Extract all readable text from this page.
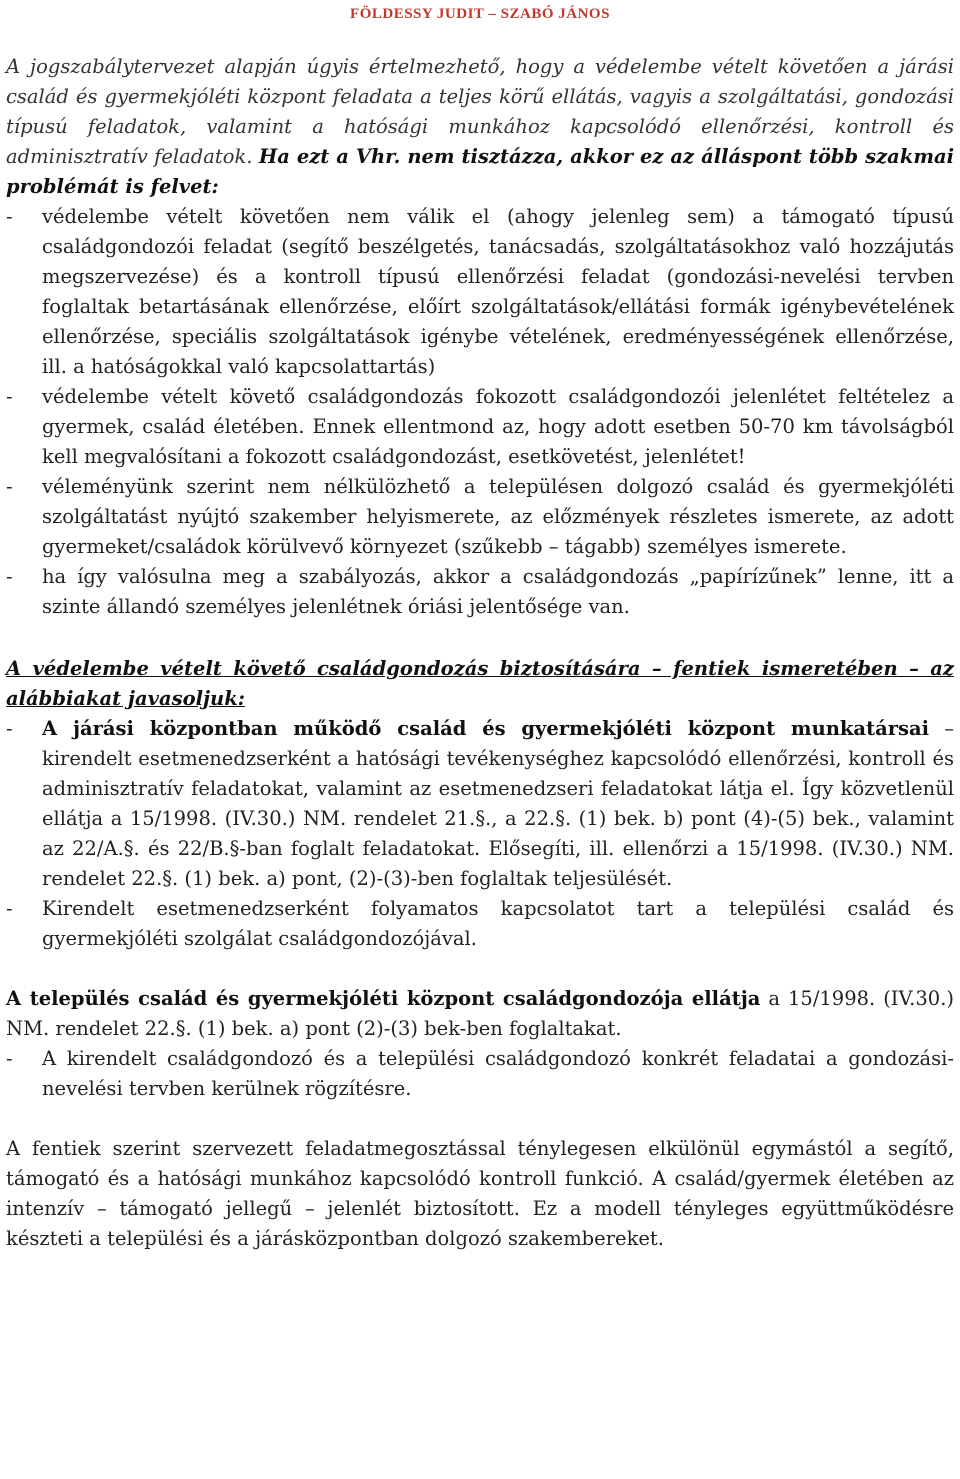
FÖLDESSY JUDIT – SZABÓ JÁNOS

A jogszabálytervezet alapján úgyis értelmezhető, hogy a védelembe vételt követően a járási család és gyermekjóléti központ feladata a teljes körű ellátás, vagyis a szolgáltatási, gondozási típusú feladatok, valamint a hatósági munkához kapcsolódó ellenőrzési, kontroll és adminisztratív feladatok. Ha ezt a Vhr. nem tisztázza, akkor ez az álláspont több szakmai problémát is felvet:

- védelembe vételt követően nem válik el (ahogy jelenleg sem) a támogató típusú családgondozói feladat (segítő beszélgetés, tanácsadás, szolgáltatásokhoz való hozzájutás megszervezése) és a kontroll típusú ellenőrzési feladat (gondozási-nevelési tervben foglaltak betartásának ellenőrzése, előírt szolgáltatások/ellátási formák igénybevételének ellenőrzése, speciális szolgáltatások igénybe vételének, eredményességének ellenőrzése, ill. a hatóságokkal való kapcsolattartás)
- védelembe vételt követő családgondozás fokozott családgondozói jelenlétet feltételez a gyermek, család életében. Ennek ellentmond az, hogy adott esetben 50-70 km távolságból kell megvalósítani a fokozott családgondozást, esetkövetést, jelenlétet!
- véleményünk szerint nem nélkülözhető a településen dolgozó család és gyermekjóléti szolgáltatást nyújtó szakember helyismerete, az előzmények részletes ismerete, az adott gyermeket/családok körülvevő környezet (szűkebb – tágabb) személyes ismerete.
- ha így valósulna meg a szabályozás, akkor a családgondozás „papírízűnek” lenne, itt a szinte állandó személyes jelenlétnek óriási jelentősége van.

A védelembe vételt követő családgondozás biztosítására – fentiek ismeretében – az alábbiakat javasoljuk:

- A járási központban működő család és gyermekjóléti központ munkatársai – kirendelt esetmenedzserként a hatósági tevékenységhez kapcsolódó ellenőrzési, kontroll és adminisztratív feladatokat, valamint az esetmenedzseri feladatokat látja el. Így közvetlenül ellátja a 15/1998. (IV.30.) NM. rendelet 21.§., a 22.§. (1) bek. b) pont (4)-(5) bek., valamint az 22/A.§. és 22/B.§-ban foglalt feladatokat. Elősegíti, ill. ellenőrzi a 15/1998. (IV.30.) NM. rendelet 22.§. (1) bek. a) pont, (2)-(3)-ben foglaltak teljesülését.
- Kirendelt esetmenedzserként folyamatos kapcsolatot tart a települési család és gyermekjóléti szolgálat családgondozójával.

A település család és gyermekjóléti központ családgondozója ellátja a 15/1998. (IV.30.) NM. rendelet 22.§. (1) bek. a) pont (2)-(3) bek-ben foglaltakat.

- A kirendelt családgondozó és a települési családgondozó konkrét feladatai a gondozási-nevelési tervben kerülnek rögzítésre.

A fentiek szerint szervezett feladatmegosztással ténylegesen elkülönül egymástól a segítő, támogató és a hatósági munkához kapcsolódó kontroll funkció. A család/gyermek életében az intenzív – támogató jellegű – jelenlét biztosított. Ez a modell tényleges együttműködésre készteti a települési és a járásközpontban dolgozó szakembereket.
